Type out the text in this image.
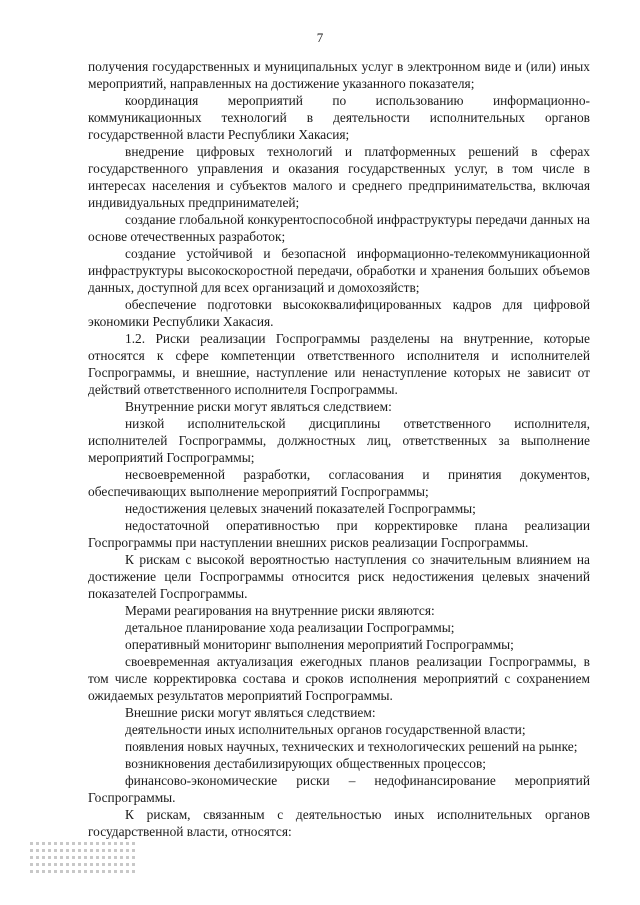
7

получения государственных и муниципальных услуг в электронном виде и (или) иных мероприятий, направленных на достижение указанного показателя;

координация мероприятий по использованию информационно-коммуникационных технологий в деятельности исполнительных органов государственной власти Республики Хакасия;

внедрение цифровых технологий и платформенных решений в сферах государственного управления и оказания государственных услуг, в том числе в интересах населения и субъектов малого и среднего предпринимательства, включая индивидуальных предпринимателей;

создание глобальной конкурентоспособной инфраструктуры передачи данных на основе отечественных разработок;

создание устойчивой и безопасной информационно-телекоммуникационной инфраструктуры высокоскоростной передачи, обработки и хранения больших объемов данных, доступной для всех организаций и домохозяйств;

обеспечение подготовки высококвалифицированных кадров для цифровой экономики Республики Хакасия.

1.2. Риски реализации Госпрограммы разделены на внутренние, которые относятся к сфере компетенции ответственного исполнителя и исполнителей Госпрограммы, и внешние, наступление или ненаступление которых не зависит от действий ответственного исполнителя Госпрограммы.

Внутренние риски могут являться следствием:

низкой исполнительской дисциплины ответственного исполнителя, исполнителей Госпрограммы, должностных лиц, ответственных за выполнение мероприятий Госпрограммы;

несвоевременной разработки, согласования и принятия документов, обеспечивающих выполнение мероприятий Госпрограммы;

недостижения целевых значений показателей Госпрограммы;

недостаточной оперативностью при корректировке плана реализации Госпрограммы при наступлении внешних рисков реализации Госпрограммы.

К рискам с высокой вероятностью наступления со значительным влиянием на достижение цели Госпрограммы относится риск недостижения целевых значений показателей Госпрограммы.

Мерами реагирования на внутренние риски являются:

детальное планирование хода реализации Госпрограммы;

оперативный мониторинг выполнения мероприятий Госпрограммы;

своевременная актуализация ежегодных планов реализации Госпрограммы, в том числе корректировка состава и сроков исполнения мероприятий с сохранением ожидаемых результатов мероприятий Госпрограммы.

Внешние риски могут являться следствием:

деятельности иных исполнительных органов государственной власти;

появления новых научных, технических и технологических решений на рынке;

возникновения дестабилизирующих общественных процессов;

финансово-экономические риски – недофинансирование мероприятий Госпрограммы.

К рискам, связанным с деятельностью иных исполнительных органов государственной власти, относятся:
